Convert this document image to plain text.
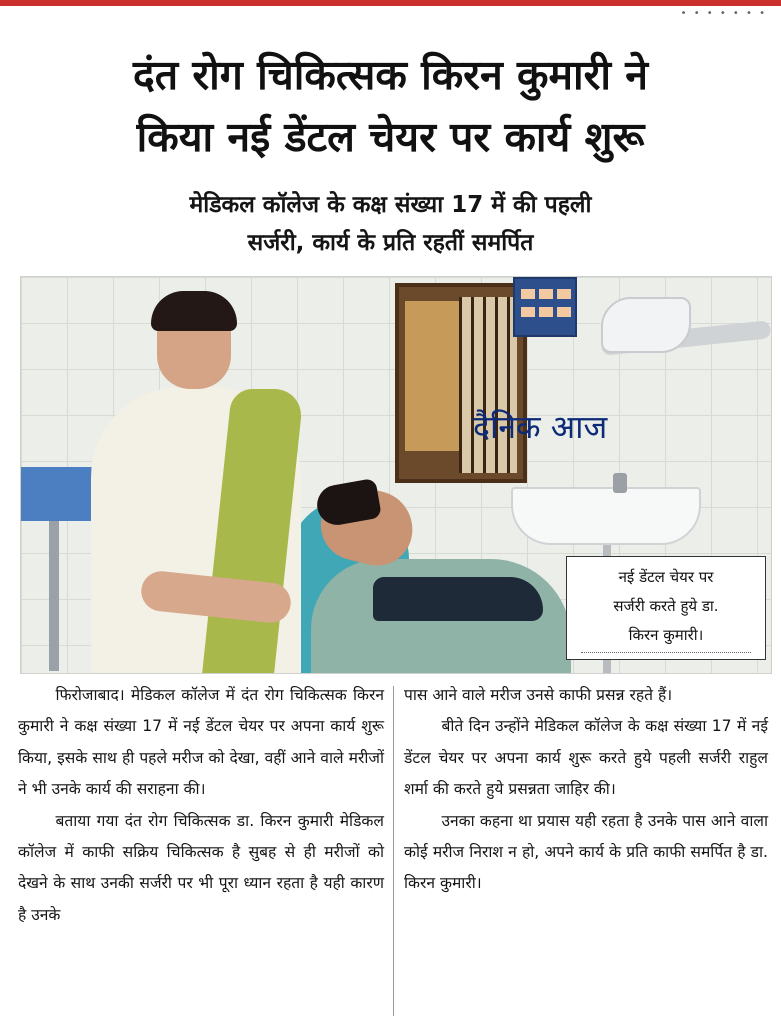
• • • • • • •
दंत रोग चिकित्सक किरन कुमारी ने
किया नई डेंटल चेयर पर कार्य शुरू
मेडिकल कॉलेज के कक्ष संख्या 17 में की पहली
सर्जरी, कार्य के प्रति रहतीं समर्पित
दैनिक आज
नई डेंटल चेयर पर
सर्जरी करते हुये डा.
किरन कुमारी।

फिरोजाबाद। मेडिकल कॉलेज में दंत रोग चिकित्सक किरन कुमारी ने कक्ष संख्या 17 में नई डेंटल चेयर पर अपना कार्य शुरू किया, इसके साथ ही पहले मरीज को देखा, वहीं आने वाले मरीजों ने भी उनके कार्य की सराहना की।

बताया गया दंत रोग चिकित्सक डा. किरन कुमारी मेडिकल कॉलेज में काफी सक्रिय चिकित्सक है सुबह से ही मरीजों को देखने के साथ उनकी सर्जरी पर भी पूरा ध्यान रहता है यही कारण है उनके

पास आने वाले मरीज उनसे काफी प्रसन्न रहते हैं।

बीते दिन उन्होंने मेडिकल कॉलेज के कक्ष संख्या 17 में नई डेंटल चेयर पर अपना कार्य शुरू करते हुये पहली सर्जरी राहुल शर्मा की करते हुये प्रसन्नता जाहिर की।

उनका कहना था प्रयास यही रहता है उनके पास आने वाला कोई मरीज निराश न हो, अपने कार्य के प्रति काफी समर्पित है डा. किरन कुमारी।
